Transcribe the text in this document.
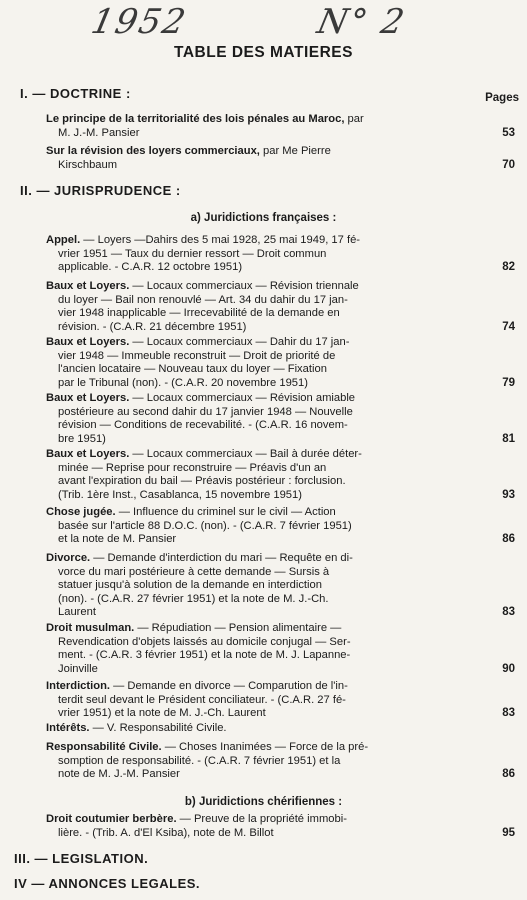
1952	N° 2
TABLE DES MATIERES
I. — DOCTRINE :	Pages
Le principe de la territorialité des lois pénales au Maroc, par
M. J.-M. Pansier	53
Sur la révision des loyers commerciaux, par Me Pierre
Kirschbaum	70
II. — JURISPRUDENCE :
a) Juridictions françaises :
Appel. — Loyers —Dahirs des 5 mai 1928, 25 mai 1949, 17 fé-
vrier 1951 — Taux du dernier ressort — Droit commun
applicable. - C.A.R. 12 octobre 1951)	82
Baux et Loyers. — Locaux commerciaux — Révision triennale
du loyer — Bail non renouvlé — Art. 34 du dahir du 17 jan-
vier 1948 inapplicable — Irrecevabilité de la demande en
révision. - (C.A.R. 21 décembre 1951)	74
Baux et Loyers. — Locaux commerciaux — Dahir du 17 jan-
vier 1948 — Immeuble reconstruit — Droit de priorité de
l'ancien locataire — Nouveau taux du loyer — Fixation
par le Tribunal (non). - (C.A.R. 20 novembre 1951)	79
Baux et Loyers. — Locaux commerciaux — Révision amiable
postérieure au second dahir du 17 janvier 1948 — Nouvelle
révision — Conditions de recevabilité. - (C.A.R. 16 novem-
bre 1951)	81
Baux et Loyers. — Locaux commerciaux — Bail à durée déter-
minée — Reprise pour reconstruire — Préavis d'un an
avant l'expiration du bail — Préavis postérieur : forclusion.
(Trib. 1ère Inst., Casablanca, 15 novembre 1951)	93
Chose jugée. — Influence du criminel sur le civil — Action
basée sur l'article 88 D.O.C. (non). - (C.A.R. 7 février 1951)
et la note de M. Pansier	86
Divorce. — Demande d'interdiction du mari — Requête en di-
vorce du mari postérieure à cette demande — Sursis à
statuer jusqu'à solution de la demande en interdiction
(non). - (C.A.R. 27 février 1951) et la note de M. J.-Ch.
Laurent	83
Droit musulman. — Répudiation — Pension alimentaire —
Revendication d'objets laissés au domicile conjugal — Ser-
ment. - (C.A.R. 3 février 1951) et la note de M. J. Lapanne-
Joinville	90
Interdiction. — Demande en divorce — Comparution de l'in-
terdit seul devant le Président conciliateur. - (C.A.R. 27 fé-
vrier 1951) et la note de M. J.-Ch. Laurent	83
Intérêts. — V. Responsabilité Civile.
Responsabilité Civile. — Choses Inanimées — Force de la pré-
somption de responsabilité. - (C.A.R. 7 février 1951) et la
note de M. J.-M. Pansier	86
b) Juridictions chérifiennes :
Droit coutumier berbère. — Preuve de la propriété immobi-
lière. - (Trib. A. d'El Ksiba), note de M. Billot	95
III. — LEGISLATION.
IV — ANNONCES LEGALES.
